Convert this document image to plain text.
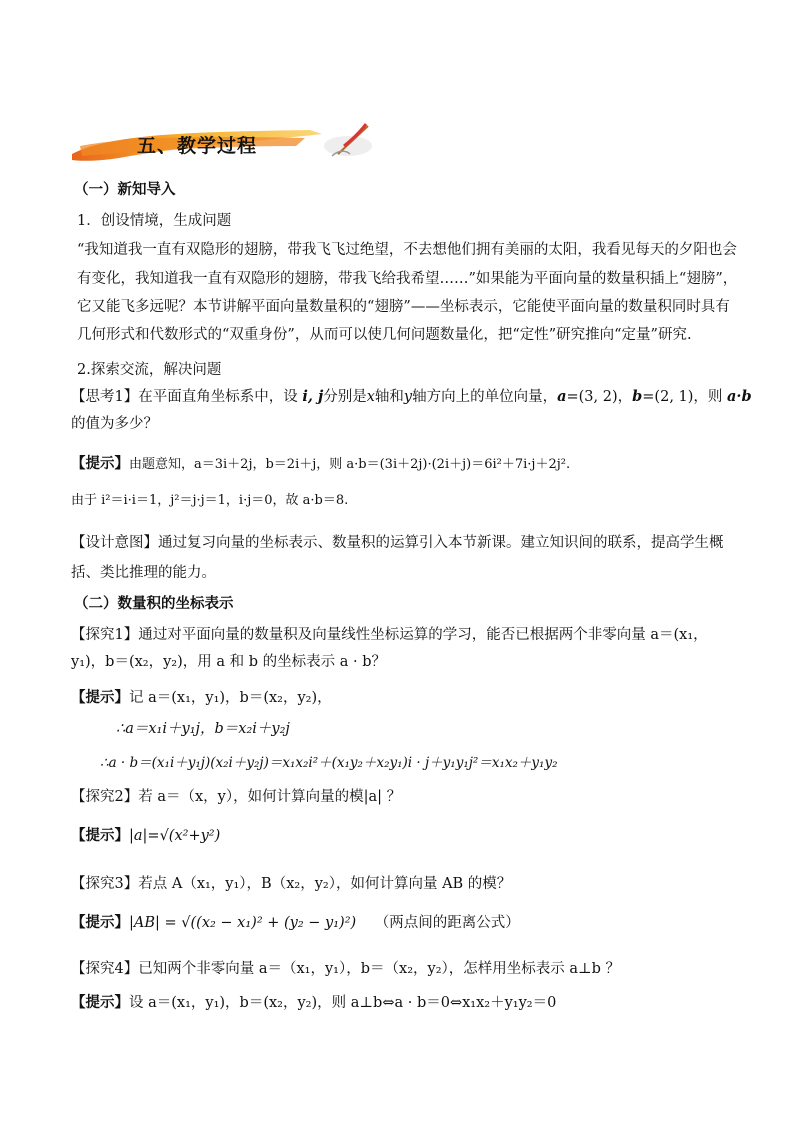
五、教学过程
（一）新知导入
1．创设情境，生成问题
“我知道我一直有双隐形的翅膀，带我飞飞过绝望，不去想他们拥有美丽的太阳，我看见每天的夕阳也会
有变化，我知道我一直有双隐形的翅膀，带我飞给我希望……”如果能为平面向量的数量积插上“翅膀”，
它又能飞多远呢？本节讲解平面向量数量积的“翅膀”——坐标表示，它能使平面向量的数量积同时具有
几何形式和代数形式的“双重身份”，从而可以使几何问题数量化，把“定性”研究推向“定量”研究.
2.探索交流，解决问题
【思考1】在平面直角坐标系中，设 i, j分别是x轴和y轴方向上的单位向量，a=(3, 2)，b=(2, 1)，则 a·b
的值为多少？
【提示】由题意知，a＝3i＋2j，b＝2i＋j，则 a·b＝(3i＋2j)·(2i＋j)＝6i²＋7i·j＋2j².
由于 i²＝i·i＝1，j²＝j·j＝1，i·j＝0，故 a·b＝8.
【设计意图】通过复习向量的坐标表示、数量积的运算引入本节新课。建立知识间的联系，提高学生概
括、类比推理的能力。
（二）数量积的坐标表示
【探究1】通过对平面向量的数量积及向量线性坐标运算的学习，能否已根据两个非零向量 a＝(x₁，
y₁)，b＝(x₂，y₂)，用 a 和 b 的坐标表示 a · b？
【提示】记 a＝(x₁，y₁)，b＝(x₂，y₂)，
∴a＝x₁i＋y₁j，b＝x₂i＋y₂j
∴a · b＝(x₁i＋y₁j)(x₂i＋y₂j)＝x₁x₂i²＋(x₁y₂＋x₂y₁)i · j＋y₁y₁j²＝x₁x₂＋y₁y₂
【探究2】若 a＝（x，y），如何计算向量的模|a| ？
【提示】|a|=√(x²+y²)
【探究3】若点 A（x₁，y₁），B（x₂，y₂），如何计算向量 AB 的模？
【提示】|AB| = √((x₂ − x₁)² + (y₂ − y₁)²) （两点间的距离公式）
【探究4】已知两个非零向量 a＝（x₁，y₁），b＝（x₂，y₂），怎样用坐标表示 a⊥b ？
【提示】设 a＝(x₁，y₁)，b＝(x₂，y₂)，则 a⊥b⇔a · b＝0⇔x₁x₂＋y₁y₂＝0
